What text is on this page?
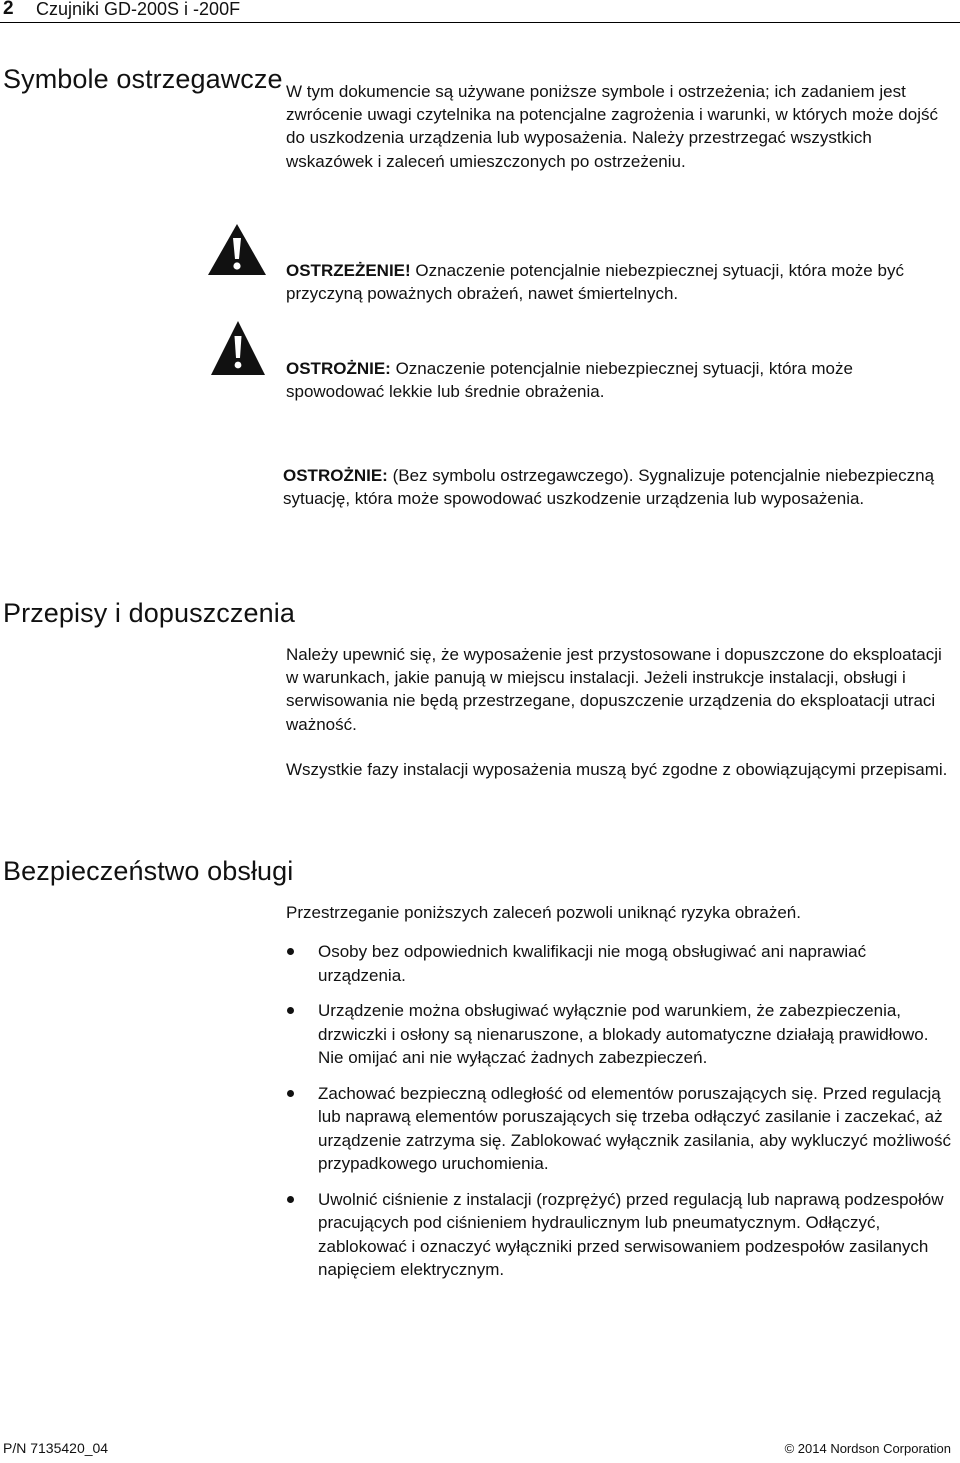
2 Czujniki GD-200S i -200F
Symbole ostrzegawcze W tym dokumencie są używane poniższe symbole i ostrzeżenia; ich zadaniem jest zwrócenie uwagi czytelnika na potencjalne zagrożenia i warunki, w których może dojść do uszkodzenia urządzenia lub wyposażenia. Należy przestrzegać wszystkich wskazówek i zaleceń umieszczonych po ostrzeżeniu.

OSTRZEŻENIE! Oznaczenie potencjalnie niebezpiecznej sytuacji, która może być przyczyną poważnych obrażeń, nawet śmiertelnych.

OSTROŻNIE: Oznaczenie potencjalnie niebezpiecznej sytuacji, która może spowodować lekkie lub średnie obrażenia.

OSTROŻNIE: (Bez symbolu ostrzegawczego). Sygnalizuje potencjalnie niebezpieczną sytuację, która może spowodować uszkodzenie urządzenia lub wyposażenia.

Przepisy i dopuszczenia

Należy upewnić się, że wyposażenie jest przystosowane i dopuszczone do eksploatacji w warunkach, jakie panują w miejscu instalacji. Jeżeli instrukcje instalacji, obsługi i serwisowania nie będą przestrzegane, dopuszczenie urządzenia do eksploatacji utraci ważność.

Wszystkie fazy instalacji wyposażenia muszą być zgodne z obowiązującymi przepisami.

Bezpieczeństwo obsługi

Przestrzeganie poniższych zaleceń pozwoli uniknąć ryzyka obrażeń.

Osoby bez odpowiednich kwalifikacji nie mogą obsługiwać ani naprawiać urządzenia.
Urządzenie można obsługiwać wyłącznie pod warunkiem, że zabezpieczenia, drzwiczki i osłony są nienaruszone, a blokady automatyczne działają prawidłowo. Nie omijać ani nie wyłączać żadnych zabezpieczeń.
Zachować bezpieczną odległość od elementów poruszających się. Przed regulacją lub naprawą elementów poruszających się trzeba odłączyć zasilanie i zaczekać, aż urządzenie zatrzyma się. Zablokować wyłącznik zasilania, aby wykluczyć możliwość przypadkowego uruchomienia.
Uwolnić ciśnienie z instalacji (rozprężyć) przed regulacją lub naprawą podzespołów pracujących pod ciśnieniem hydraulicznym lub pneumatycznym. Odłączyć, zablokować i oznaczyć wyłączniki przed serwisowaniem podzespołów zasilanych napięciem elektrycznym.
P/N 7135420_04	© 2014 Nordson Corporation
